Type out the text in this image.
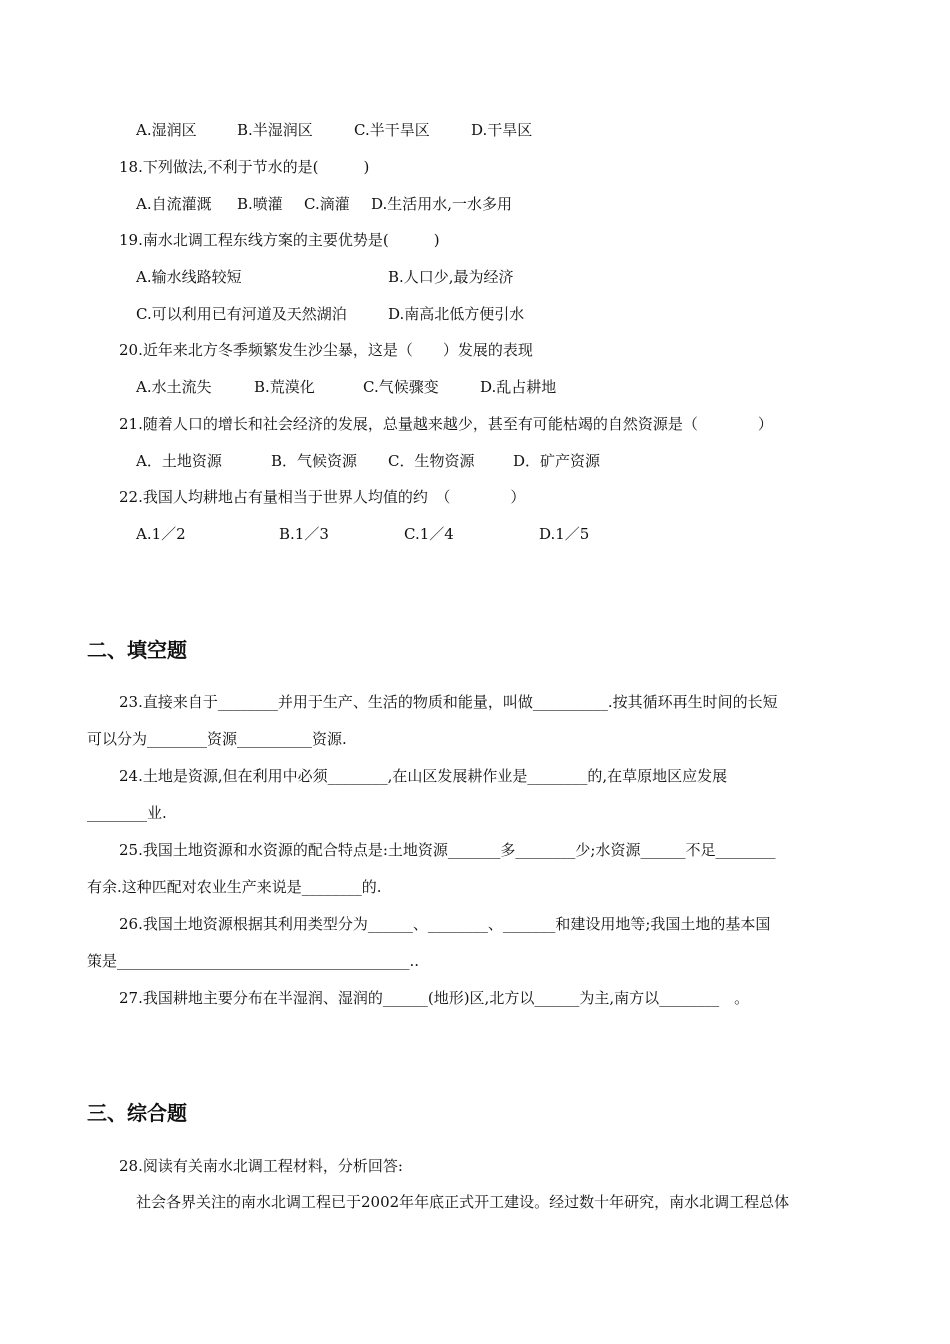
A.湿润区	B.半湿润区	C.半干旱区	D.干旱区
18.下列做法,不利于节水的是(　　　)
A.自流灌溉 B.喷灌 C.滴灌 D.生活用水,一水多用
19.南水北调工程东线方案的主要优势是(　　　)
A.输水线路较短	B.人口少,最为经济
C.可以利用已有河道及天然湖泊	D.南高北低方便引水
20.近年来北方冬季频繁发生沙尘暴，这是（　　）发展的表现
A.水土流失	B.荒漠化	C.气候骤变	D.乱占耕地
21.随着人口的增长和社会经济的发展，总量越来越少，甚至有可能枯竭的自然资源是（　　　　）
A．土地资源	B．气候资源 C．生物资源	D．矿产资源
22.我国人均耕地占有量相当于世界人均值的约　（　　　　）
A.1／2	B.1／3	C.1／4	D.1／5
二、填空题
23.直接来自于________并用于生产、生活的物质和能量，叫做__________.按其循环再生时间的长短
可以分为________资源__________资源.
24.土地是资源,但在利用中必须________,在山区发展耕作业是________的,在草原地区应发展
________业.
25.我国土地资源和水资源的配合特点是:土地资源_______多________少;水资源______不足________
有余.这种匹配对农业生产来说是________的.
26.我国土地资源根据其利用类型分为______、________、_______和建设用地等;我国土地的基本国
策是_______________________________________..
27.我国耕地主要分布在半湿润、湿润的______(地形)区,北方以______为主,南方以________　。
三、综合题
28.阅读有关南水北调工程材料，分析回答:
社会各界关注的南水北调工程已于2002年年底正式开工建设。经过数十年研究，南水北调工程总体
